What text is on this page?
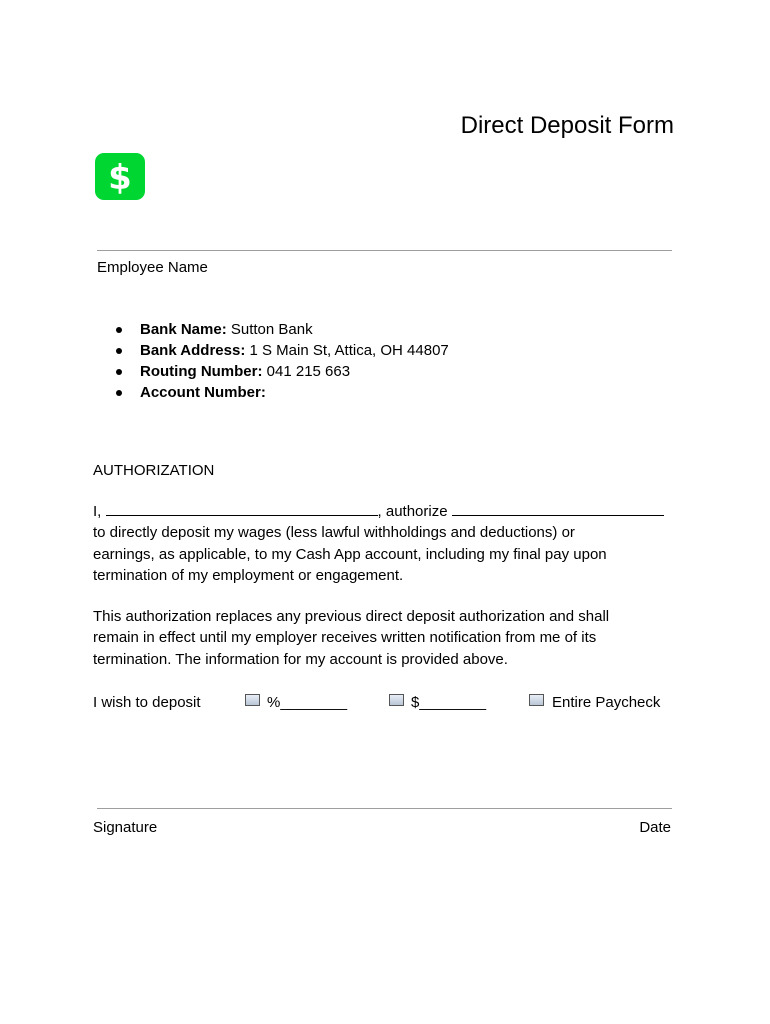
Direct Deposit Form
$
Employee Name
Bank Name: Sutton Bank
Bank Address: 1 S Main St, Attica, OH 44807
Routing Number: 041 215 663
Account Number:
AUTHORIZATION
I,	, authorize
to directly deposit my wages (less lawful withholdings and deductions) or
earnings, as applicable, to my Cash App account, including my final pay upon
termination of my employment or engagement.
This authorization replaces any previous direct deposit authorization and shall
remain in effect until my employer receives written notification from me of its
termination. The information for my account is provided above.
I wish to deposit	%________	$________	Entire Paycheck
Signature	Date
